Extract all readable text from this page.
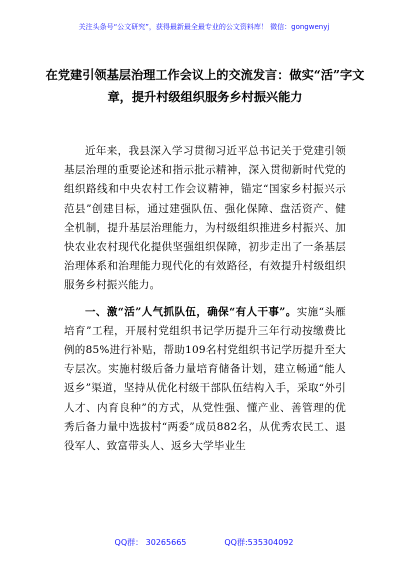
关注头条号“公文研究”，获得最新最全最专业的公文资料库！ 微信：gongwenyj
在党建引领基层治理工作会议上的交流发言：做实“活”字文章，提升村级组织服务乡村振兴能力

近年来，我县深入学习贯彻习近平总书记关于党建引领基层治理的重要论述和指示批示精神，深入贯彻新时代党的组织路线和中央农村工作会议精神，锚定“国家乡村振兴示范县”创建目标，通过建强队伍、强化保障、盘活资产、健全机制，提升基层治理能力，为村级组织推进乡村振兴、加快农业农村现代化提供坚强组织保障，初步走出了一条基层治理体系和治理能力现代化的有效路径，有效提升村级组织服务乡村振兴能力。

一、激“活”人气抓队伍，确保“有人干事”。实施“头雁培育”工程，开展村党组织书记学历提升三年行动按缴费比例的85%进行补贴，帮助109名村党组织书记学历提升至大专层次。实施村级后备力量培育储备计划，建立畅通“能人返乡”渠道，坚持从优化村级干部队伍结构入手，采取“外引人才、内育良种”的方式，从党性强、懂产业、善管理的优秀后备力量中选拔村“两委”成员882名，从优秀农民工、退役军人、致富带头人、返乡大学毕业生

QQ群： 30265665	QQ群:535304092
